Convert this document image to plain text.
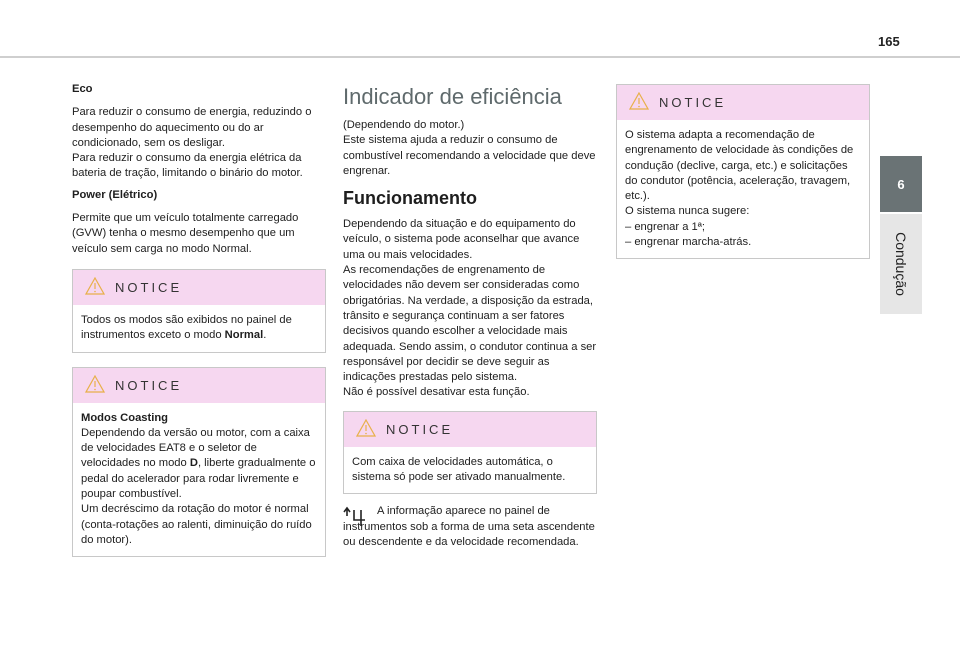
165
6
Condução
Eco

Para reduzir o consumo de energia, reduzindo o desempenho do aquecimento ou do ar condicionado, sem os desligar.
Para reduzir o consumo da energia elétrica da bateria de tração, limitando o binário do motor.

Power (Elétrico)

Permite que um veículo totalmente carregado (GVW) tenha o mesmo desempenho que um veículo sem carga no modo Normal.

NOTICE

Todos os modos são exibidos no painel de instrumentos exceto o modo Normal.

NOTICE

Modos Coasting

Dependendo da versão ou motor, com a caixa de velocidades EAT8 e o seletor de velocidades no modo D, liberte gradualmente o pedal do acelerador para rodar livremente e poupar combustível.

Um decréscimo da rotação do motor é normal (conta-rotações ao ralenti, diminuição do ruído do motor).

Indicador de eficiência

(Dependendo do motor.)
Este sistema ajuda a reduzir o consumo de combustível recomendando a velocidade que deve engrenar.

Funcionamento

Dependendo da situação e do equipamento do veículo, o sistema pode aconselhar que avance uma ou mais velocidades.
As recomendações de engrenamento de velocidades não devem ser consideradas como obrigatórias. Na verdade, a disposição da estrada, trânsito e segurança continuam a ser fatores decisivos quando escolher a velocidade mais adequada. Sendo assim, o condutor continua a ser responsável por decidir se deve seguir as indicações prestadas pelo sistema.
Não é possível desativar esta função.

NOTICE

Com caixa de velocidades automática, o sistema só pode ser ativado manualmente.

A informação aparece no painel de instrumentos sob a forma de uma seta ascendente ou descendente e da velocidade recomendada.

NOTICE

O sistema adapta a recomendação de engrenamento de velocidade às condições de condução (declive, carga, etc.) e solicitações do condutor (potência, aceleração, travagem, etc.).
O sistema nunca sugere:
– engrenar a 1ª;
– engrenar marcha-atrás.
